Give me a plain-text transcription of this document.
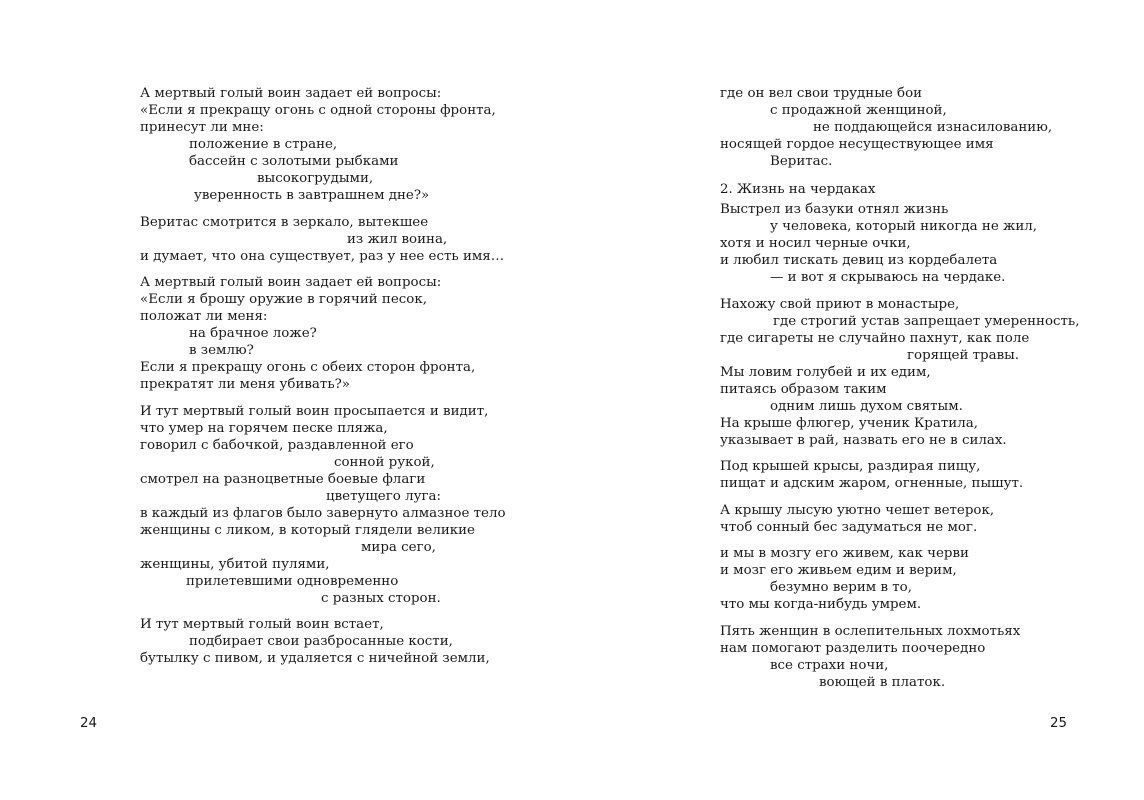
А мертвый голый воин задает ей вопросы:
«Если я прекращу огонь с одной стороны фронта,
принесут ли мне:
положение в стране,
бассейн с золотыми рыбками
высокогрудыми,
уверенность в завтрашнем дне?»
Веритас смотрится в зеркало, вытекшее
из жил воина,
и думает, что она существует, раз у нее есть имя…
А мертвый голый воин задает ей вопросы:
«Если я брошу оружие в горячий песок,
положат ли меня:
на брачное ложе?
в землю?
Если я прекращу огонь с обеих сторон фронта,
прекратят ли меня убивать?»
И тут мертвый голый воин просыпается и видит,
что умер на горячем песке пляжа,
говорил с бабочкой, раздавленной его
сонной рукой,
смотрел на разноцветные боевые флаги
цветущего луга:
в каждый из флагов было завернуто алмазное тело
женщины с ликом, в который глядели великие
мира сего,
женщины, убитой пулями,
прилетевшими одновременно
с разных сторон.
И тут мертвый голый воин встает,
подбирает свои разбросанные кости,
бутылку с пивом, и удаляется с ничейной земли,
24
где он вел свои трудные бои
с продажной женщиной,
не поддающейся изнасилованию,
носящей гордое несуществующее имя
Веритас.
2. Жизнь на чердаках
Выстрел из базуки отнял жизнь
у человека, который никогда не жил,
хотя и носил черные очки,
и любил тискать девиц из кордебалета
— и вот я скрываюсь на чердаке.
Нахожу свой приют в монастыре,
где строгий устав запрещает умеренность,
где сигареты не случайно пахнут, как поле
горящей травы.
Мы ловим голубей и их едим,
питаясь образом таким
одним лишь духом святым.
На крыше флюгер, ученик Кратила,
указывает в рай, назвать его не в силах.
Под крышей крысы, раздирая пищу,
пищат и адским жаром, огненные, пышут.
А крышу лысую уютно чешет ветерок,
чтоб сонный бес задуматься не мог.
и мы в мозгу его живем, как черви
и мозг его живьем едим и верим,
безумно верим в то,
что мы когда-нибудь умрем.
Пять женщин в ослепительных лохмотьях
нам помогают разделить поочередно
все страхи ночи,
воющей в платок.
25
